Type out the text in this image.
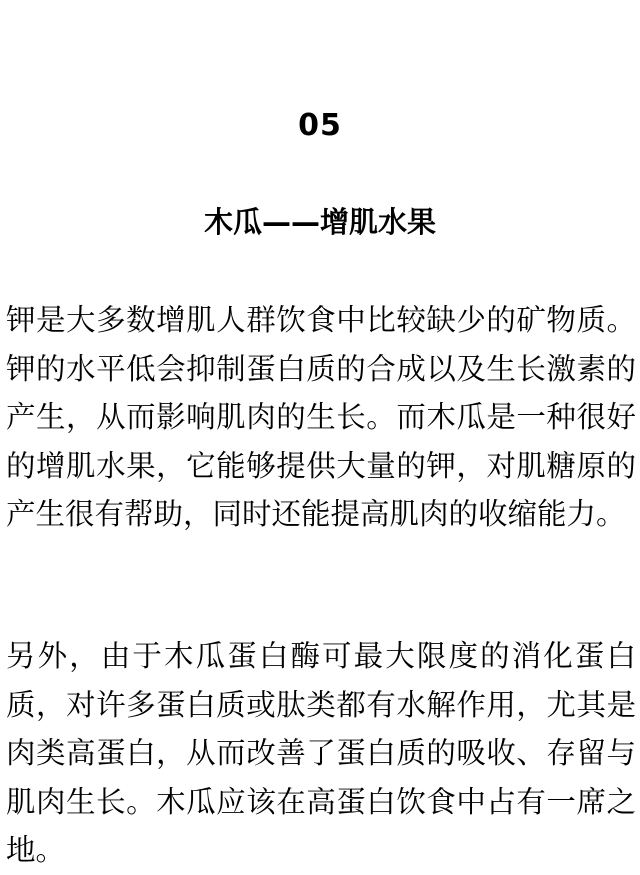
05
木瓜——增肌水果

钾是大多数增肌人群饮食中比较缺少的矿物质。钾的水平低会抑制蛋白质的合成以及生长激素的产生，从而影响肌肉的生长。而木瓜是一种很好的增肌水果，它能够提供大量的钾，对肌糖原的产生很有帮助，同时还能提高肌肉的收缩能力。

另外，由于木瓜蛋白酶可最大限度的消化蛋白质，对许多蛋白质或肽类都有水解作用，尤其是肉类高蛋白，从而改善了蛋白质的吸收、存留与肌肉生长。木瓜应该在高蛋白饮食中占有一席之地。
